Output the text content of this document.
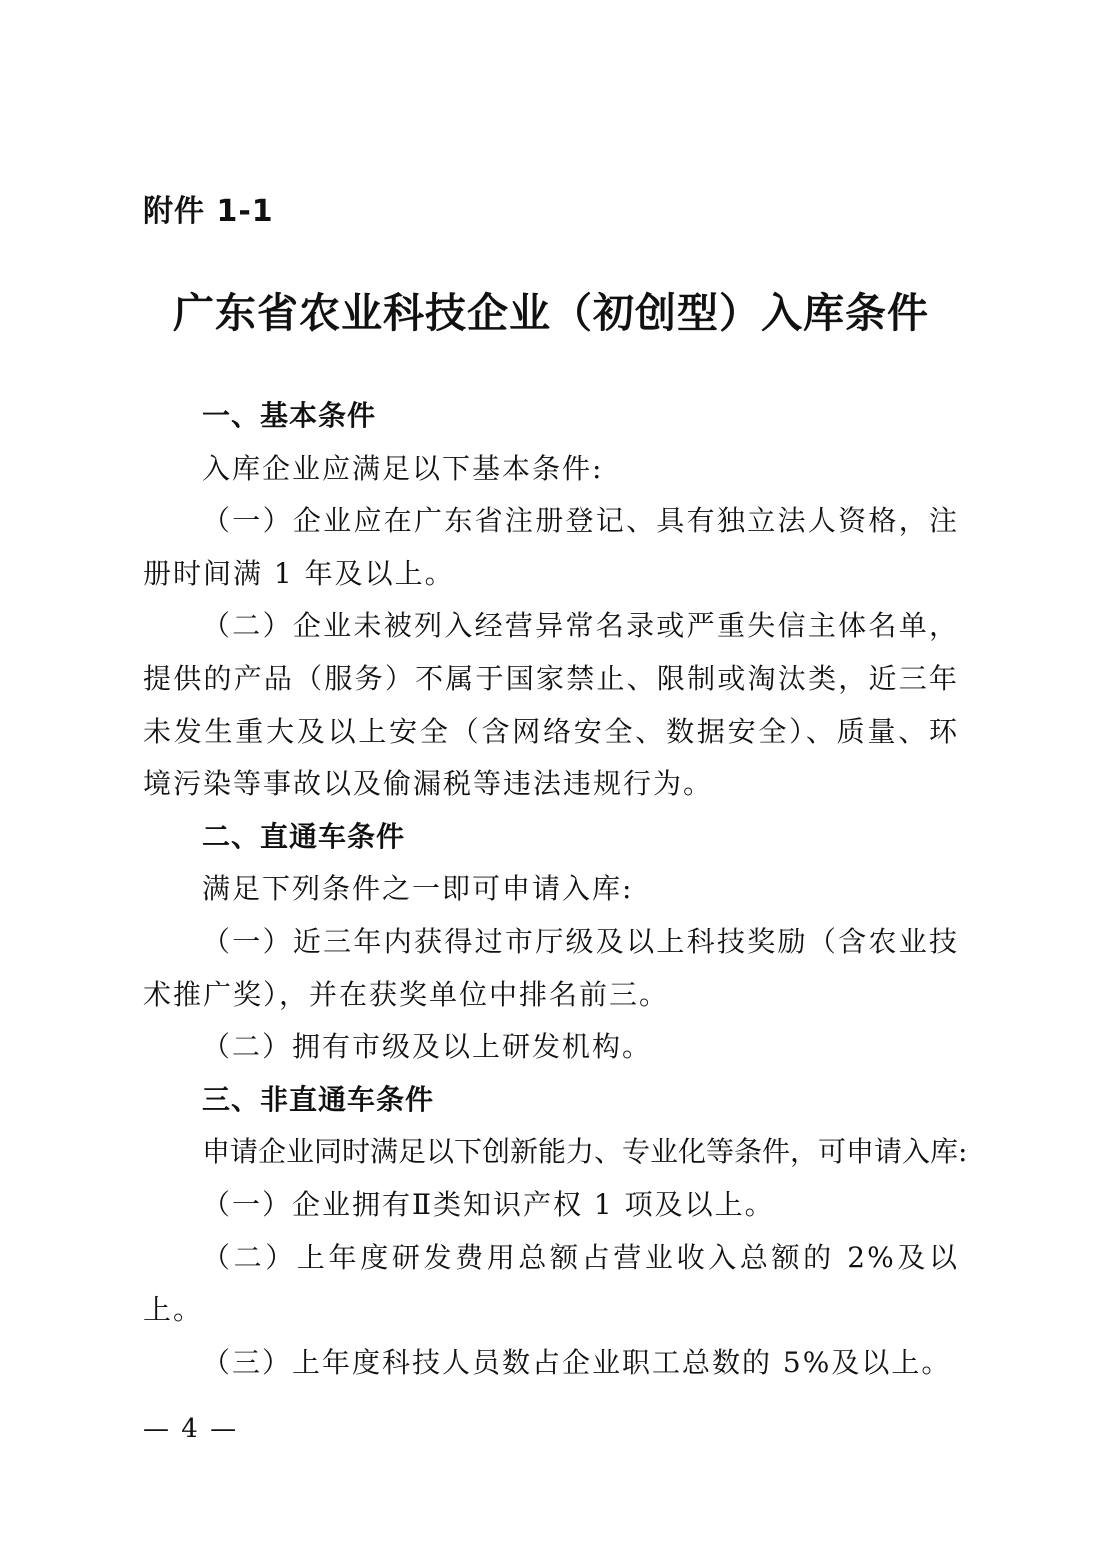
附件 1-1
广东省农业科技企业（初创型）入库条件

一、基本条件

入库企业应满足以下基本条件:

（一）企业应在广东省注册登记、具有独立法人资格，注册时间满 1 年及以上。

（二）企业未被列入经营异常名录或严重失信主体名单，提供的产品（服务）不属于国家禁止、限制或淘汰类，近三年未发生重大及以上安全（含网络安全、数据安全）、质量、环境污染等事故以及偷漏税等违法违规行为。

二、直通车条件

满足下列条件之一即可申请入库:

（一）近三年内获得过市厅级及以上科技奖励（含农业技术推广奖），并在获奖单位中排名前三。

（二）拥有市级及以上研发机构。

三、非直通车条件

申请企业同时满足以下创新能力、专业化等条件，可申请入库:

（一）企业拥有Ⅱ类知识产权 1 项及以上。

（二）上年度研发费用总额占营业收入总额的 2%及以上。

（三）上年度科技人员数占企业职工总数的 5%及以上。

— 4 —
